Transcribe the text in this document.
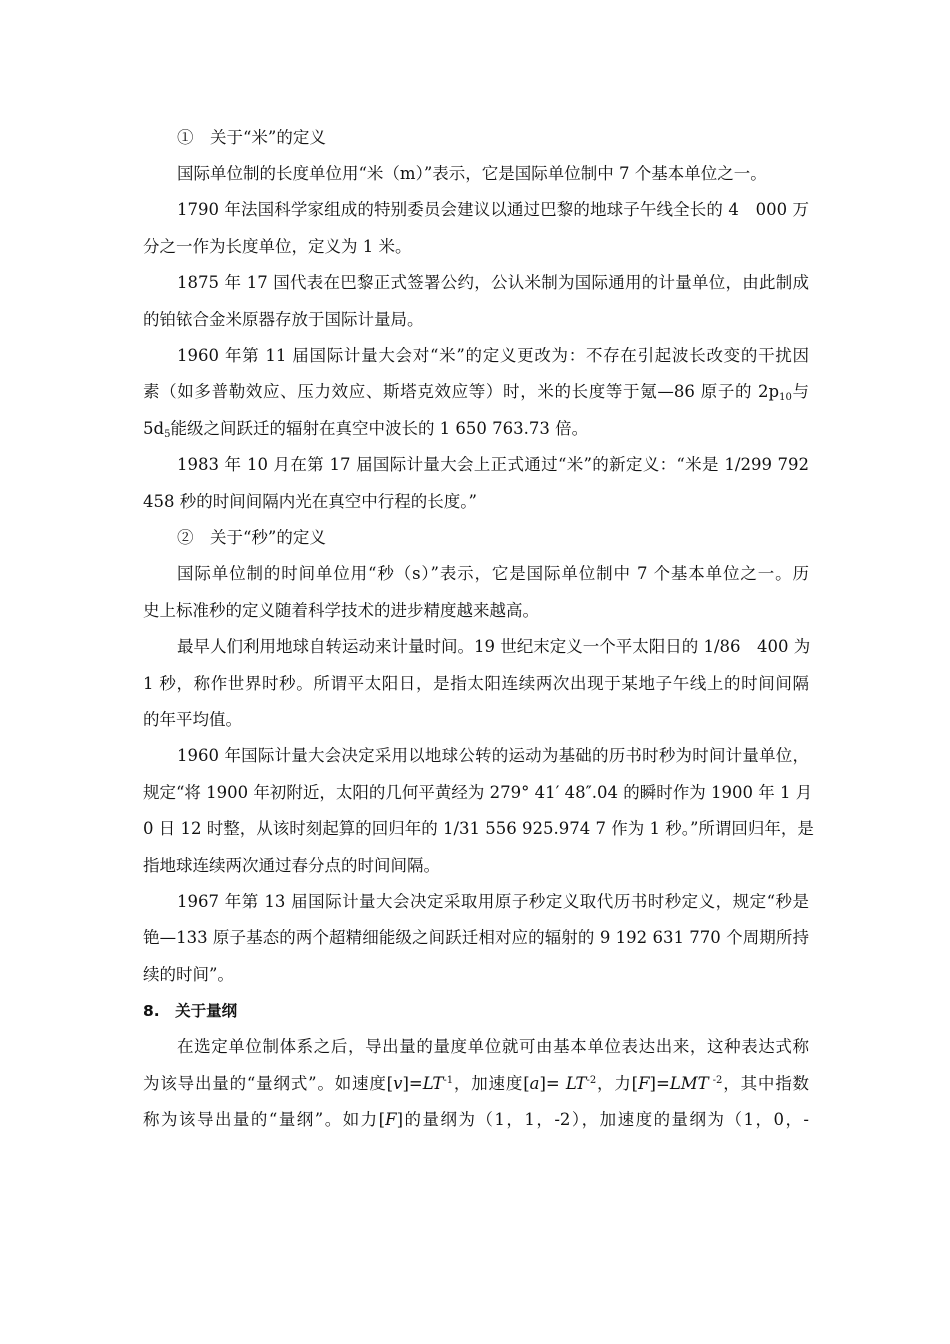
①　关于“米”的定义
国际单位制的长度单位用“米（m）”表示，它是国际单位制中 7 个基本单位之一。
1790 年法国科学家组成的特别委员会建议以通过巴黎的地球子午线全长的 4　000 万
分之一作为长度单位，定义为 1 米。
1875 年 17 国代表在巴黎正式签署公约，公认米制为国际通用的计量单位，由此制成
的铂铱合金米原器存放于国际计量局。
1960 年第 11 届国际计量大会对“米”的定义更改为：不存在引起波长改变的干扰因
素（如多普勒效应、压力效应、斯塔克效应等）时，米的长度等于氪—86 原子的 $2p_{10}$与
$5d_5$能级之间跃迁的辐射在真空中波长的 1 650 763.73 倍。
1983 年 10 月在第 17 届国际计量大会上正式通过“米”的新定义：“米是 1/299 792
458 秒的时间间隔内光在真空中行程的长度。”
②　关于“秒”的定义
国际单位制的时间单位用“秒（s）”表示，它是国际单位制中 7 个基本单位之一。历
史上标准秒的定义随着科学技术的进步精度越来越高。
最早人们利用地球自转运动来计量时间。19 世纪末定义一个平太阳日的 1/86　400 为
1 秒，称作世界时秒。所谓平太阳日，是指太阳连续两次出现于某地子午线上的时间间隔
的年平均值。
1960 年国际计量大会决定采用以地球公转的运动为基础的历书时秒为时间计量单位，
规定“将 1900 年初附近，太阳的几何平黄经为 279° 41′ 48″.04 的瞬时作为 1900 年 1 月
0 日 12 时整，从该时刻起算的回归年的 1/31 556 925.974 7 作为 1 秒。”所谓回归年，是
指地球连续两次通过春分点的时间间隔。
1967 年第 13 届国际计量大会决定采取用原子秒定义取代历书时秒定义，规定“秒是
铯—133 原子基态的两个超精细能级之间跃迁相对应的辐射的 9 192 631 770 个周期所持
续的时间”。
8.　关于量纲
在选定单位制体系之后，导出量的量度单位就可由基本单位表达出来，这种表达式称
为该导出量的“量纲式”。如速度$[v]=LT^{-1}$，加速度$[a]= LT^{-2}$，力[F]=LMT $^{-2}$，其中指数
称为该导出量的“量纲”。如力[F]的量纲为（1，1，-2），加速度的量纲为（1，0，-
